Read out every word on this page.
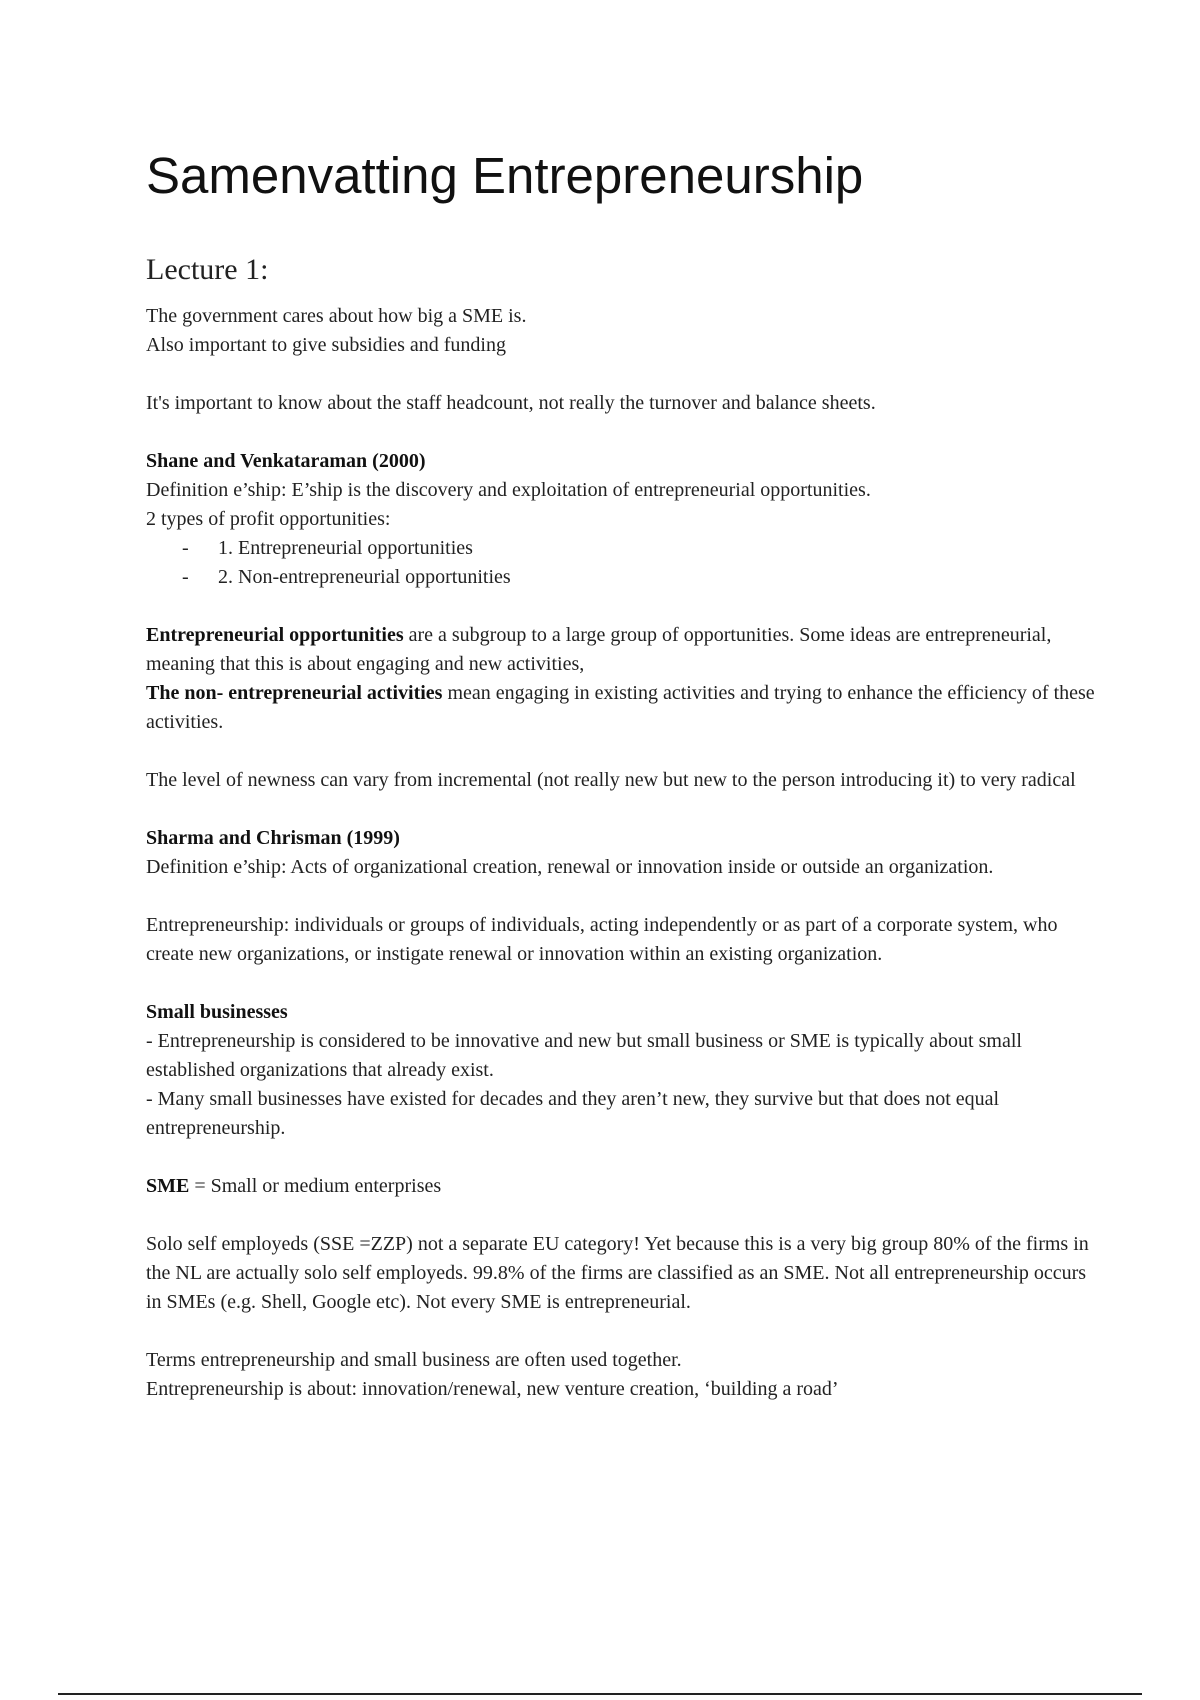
Samenvatting Entrepreneurship
Lecture 1:

The government cares about how big a SME is.

Also important to give subsidies and funding

It's important to know about the staff headcount, not really the turnover and balance sheets.

Shane and Venkataraman (2000)

Definition e’ship: E’ship is the discovery and exploitation of entrepreneurial opportunities.

2 types of profit opportunities:

- 1. Entrepreneurial opportunities
- 2. Non-entrepreneurial opportunities

Entrepreneurial opportunities are a subgroup to a large group of opportunities. Some ideas are entrepreneurial, meaning that this is about engaging and new activities,

The non- entrepreneurial activities mean engaging in existing activities and trying to enhance the efficiency of these activities.

The level of newness can vary from incremental (not really new but new to the person introducing it) to very radical

Sharma and Chrisman (1999)

Definition e’ship: Acts of organizational creation, renewal or innovation inside or outside an organization.

Entrepreneurship: individuals or groups of individuals, acting independently or as part of a corporate system, who create new organizations, or instigate renewal or innovation within an existing organization.

Small businesses

- Entrepreneurship is considered to be innovative and new but small business or SME is typically about small established organizations that already exist.

- Many small businesses have existed for decades and they aren’t new, they survive but that does not equal entrepreneurship.

SME = Small or medium enterprises

Solo self employeds (SSE =ZZP) not a separate EU category! Yet because this is a very big group 80% of the firms in the NL are actually solo self employeds. 99.8% of the firms are classified as an SME. Not all entrepreneurship occurs in SMEs (e.g. Shell, Google etc). Not every SME is entrepreneurial.

Terms entrepreneurship and small business are often used together.

Entrepreneurship is about: innovation/renewal, new venture creation, ‘building a road’
